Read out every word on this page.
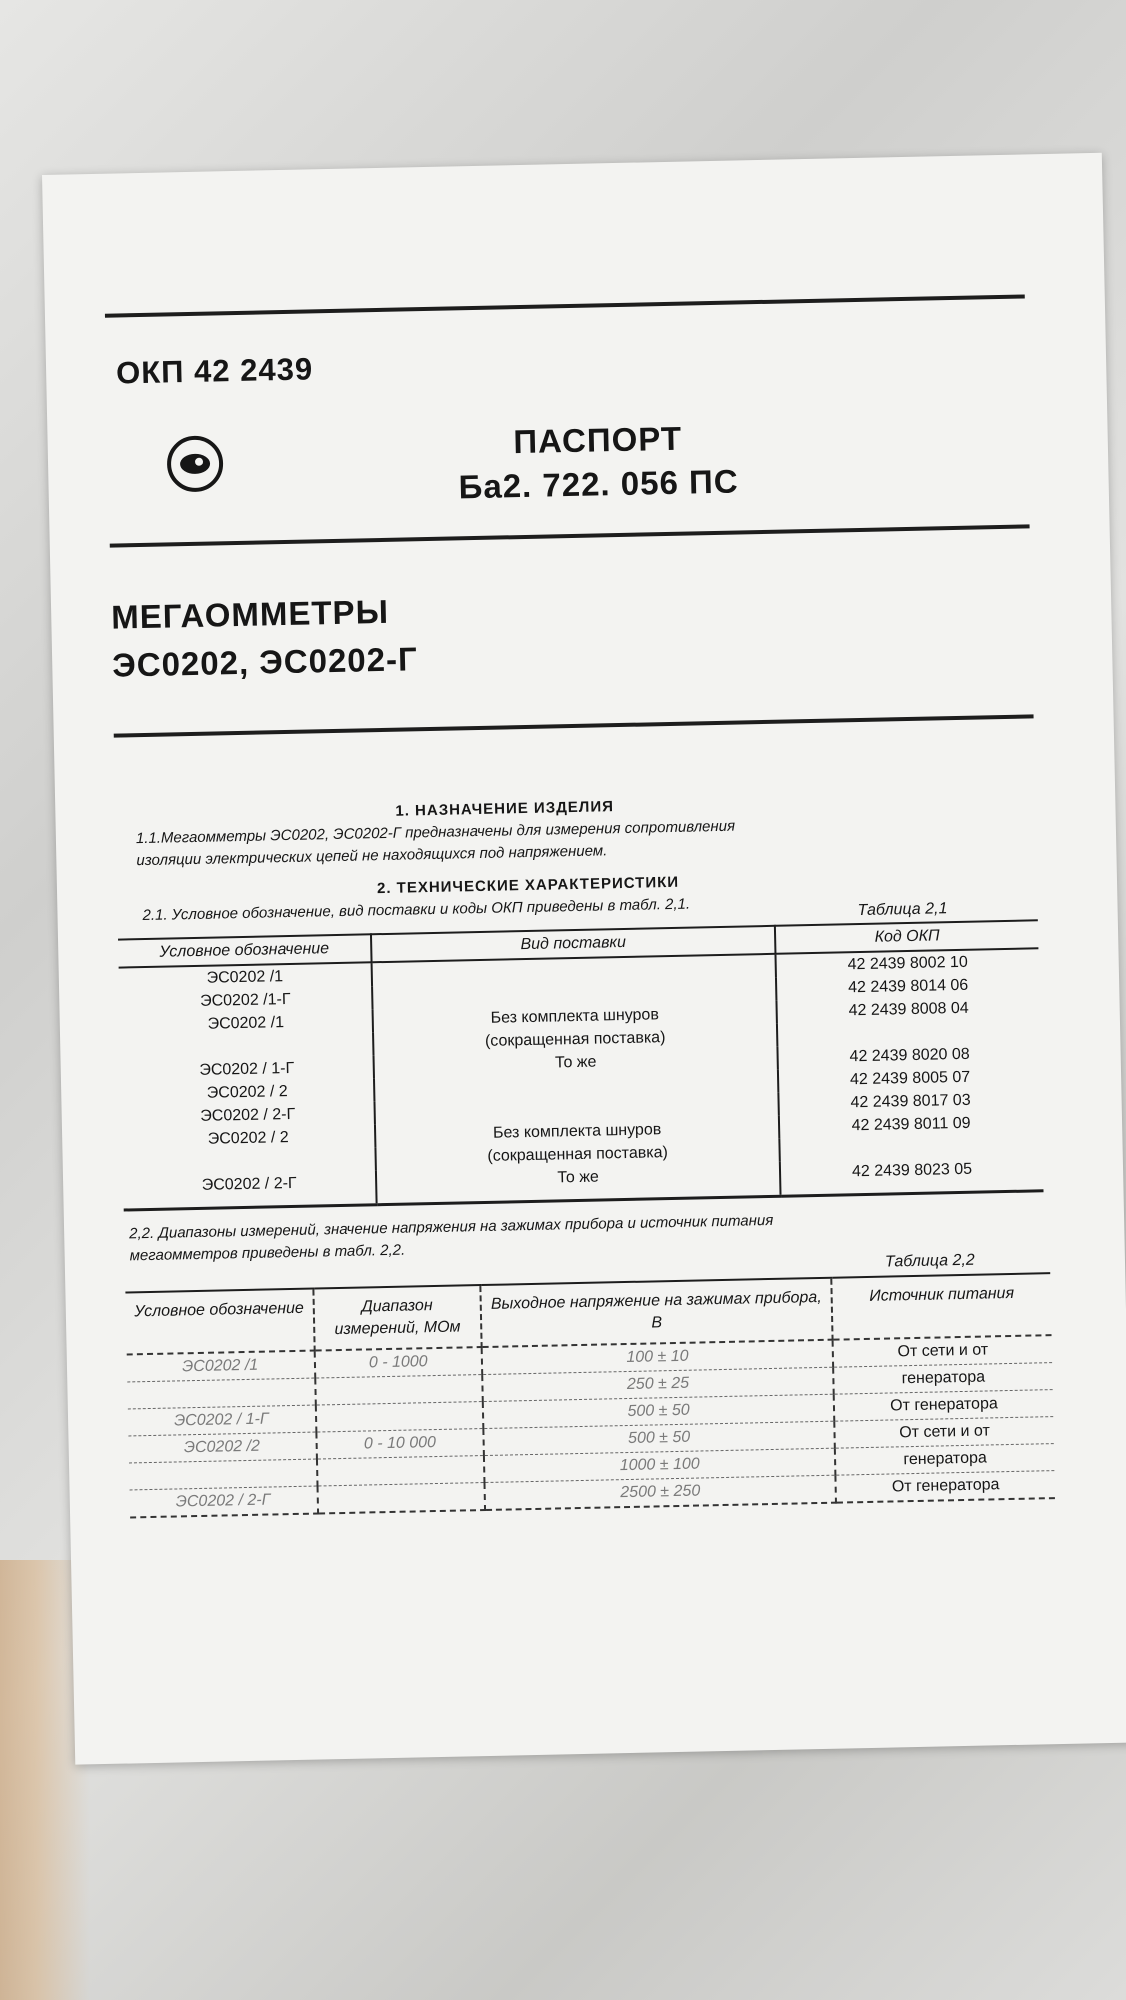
ОКП 42 2439
ПАСПОРТ
Ба2. 722. 056 ПС
МЕГАОММЕТРЫ
ЭС0202, ЭС0202-Г
1. НАЗНАЧЕНИЕ ИЗДЕЛИЯ
1.1.Мегаомметры ЭС0202, ЭС0202-Г предназначены для измерения сопротивления
изоляции электрических цепей не находящихся под напряжением.
2. ТЕХНИЧЕСКИЕ ХАРАКТЕРИСТИКИ
2.1. Условное обозначение, вид поставки и коды ОКП приведены в табл. 2,1.	Таблица 2,1
Условное обозначение	Вид поставки	Код ОКП
ЭС0202 /1		42 2439 8002 10
ЭС0202 /1-Г		42 2439 8014 06
ЭС0202 /1	Без комплекта шнуров	42 2439 8008 04
	(сокращенная поставка)	
ЭС0202 / 1-Г	То же	42 2439 8020 08
ЭС0202 / 2		42 2439 8005 07
ЭС0202 / 2-Г		42 2439 8017 03
ЭС0202 / 2	Без комплекта шнуров	42 2439 8011 09
	(сокращенная поставка)	
ЭС0202 / 2-Г	То же	42 2439 8023 05
2,2. Диапазоны измерений, значение напряжения на зажимах прибора и источник питания
мегаомметров приведены в табл. 2,2.	Таблица 2,2
Условное обозначение	Диапазон измерений, МОм	Выходное напряжение на зажимах прибора, В	Источник питания
ЭС0202 /1	0 - 1000	100 ± 10	От сети и от
		250 ± 25	генератора
ЭС0202 / 1-Г		500 ± 50	От генератора
ЭС0202 /2	0 - 10 000	500 ± 50	От сети и от
		1000 ± 100	генератора
ЭС0202 / 2-Г		2500 ± 250	От генератора
